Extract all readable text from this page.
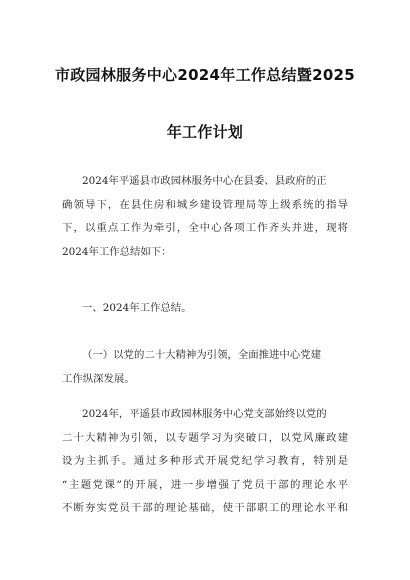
市政园林服务中心2024年工作总结暨2025
年工作计划
2024年平遥县市政园林服务中心在县委、县政府的正
确领导下，在县住房和城乡建设管理局等上级系统的指导
下，以重点工作为牵引，全中心各项工作齐头并进，现将
2024年工作总结如下：
一、2024年工作总结。
（一）以党的二十大精神为引领，全面推进中心党建
工作纵深发展。
2024年，平遥县市政园林服务中心党支部始终以党的
二十大精神为引领，以专题学习为突破口，以党风廉政建
设为主抓手。通过多种形式开展党纪学习教育，特别是
“主题党课”的开展，进一步增强了党员干部的理论水平
不断夯实党员干部的理论基础，使干部职工的理论水平和
